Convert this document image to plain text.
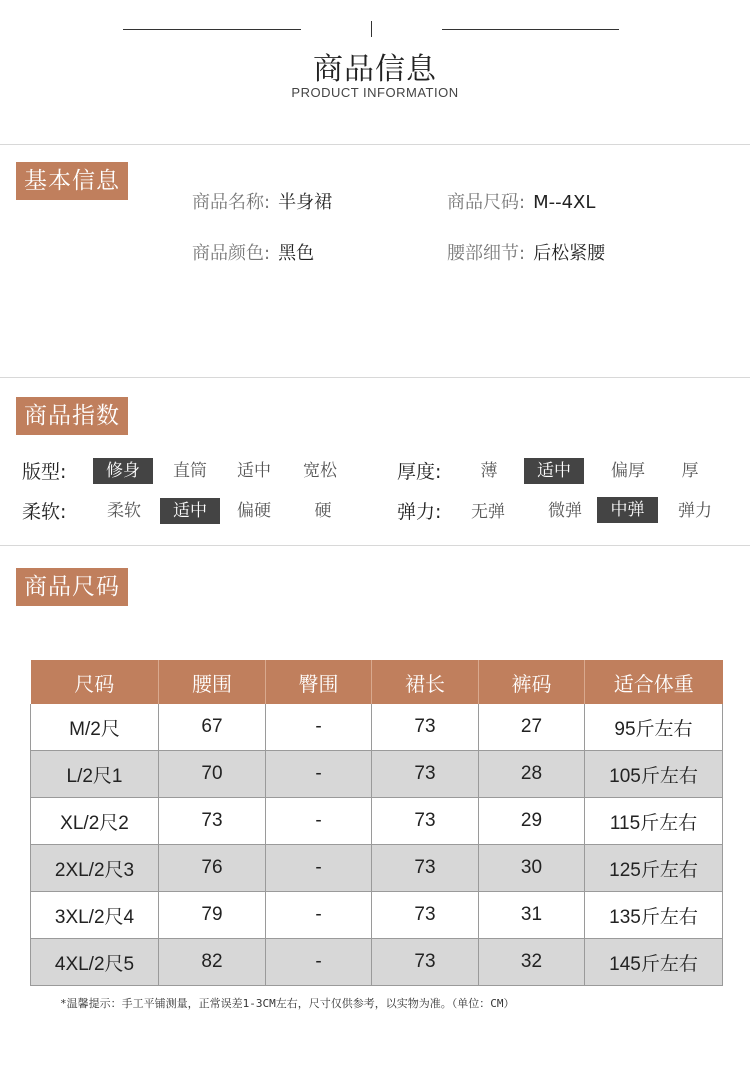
商品信息
PRODUCT INFORMATION
基本信息
商品名称: 半身裙	商品尺码: M--4XL
商品颜色: 黑色	腰部细节: 后松紧腰
商品指数
版型:	修身	直筒	适中	宽松	厚度:	薄	适中	偏厚	厚
柔软:	柔软	适中	偏硬	硬	弹力:	无弹	微弹	中弹	弹力
商品尺码
尺码	腰围	臀围	裙长	裤码	适合体重
M/2尺	67	-	73	27	95斤左右
L/2尺1	70	-	73	28	105斤左右
XL/2尺2	73	-	73	29	115斤左右
2XL/2尺3	76	-	73	30	125斤左右
3XL/2尺4	79	-	73	31	135斤左右
4XL/2尺5	82	-	73	32	145斤左右
*温馨提示：手工平铺测量，正常误差1-3CM左右，尺寸仅供参考，以实物为准。（单位：CM）
